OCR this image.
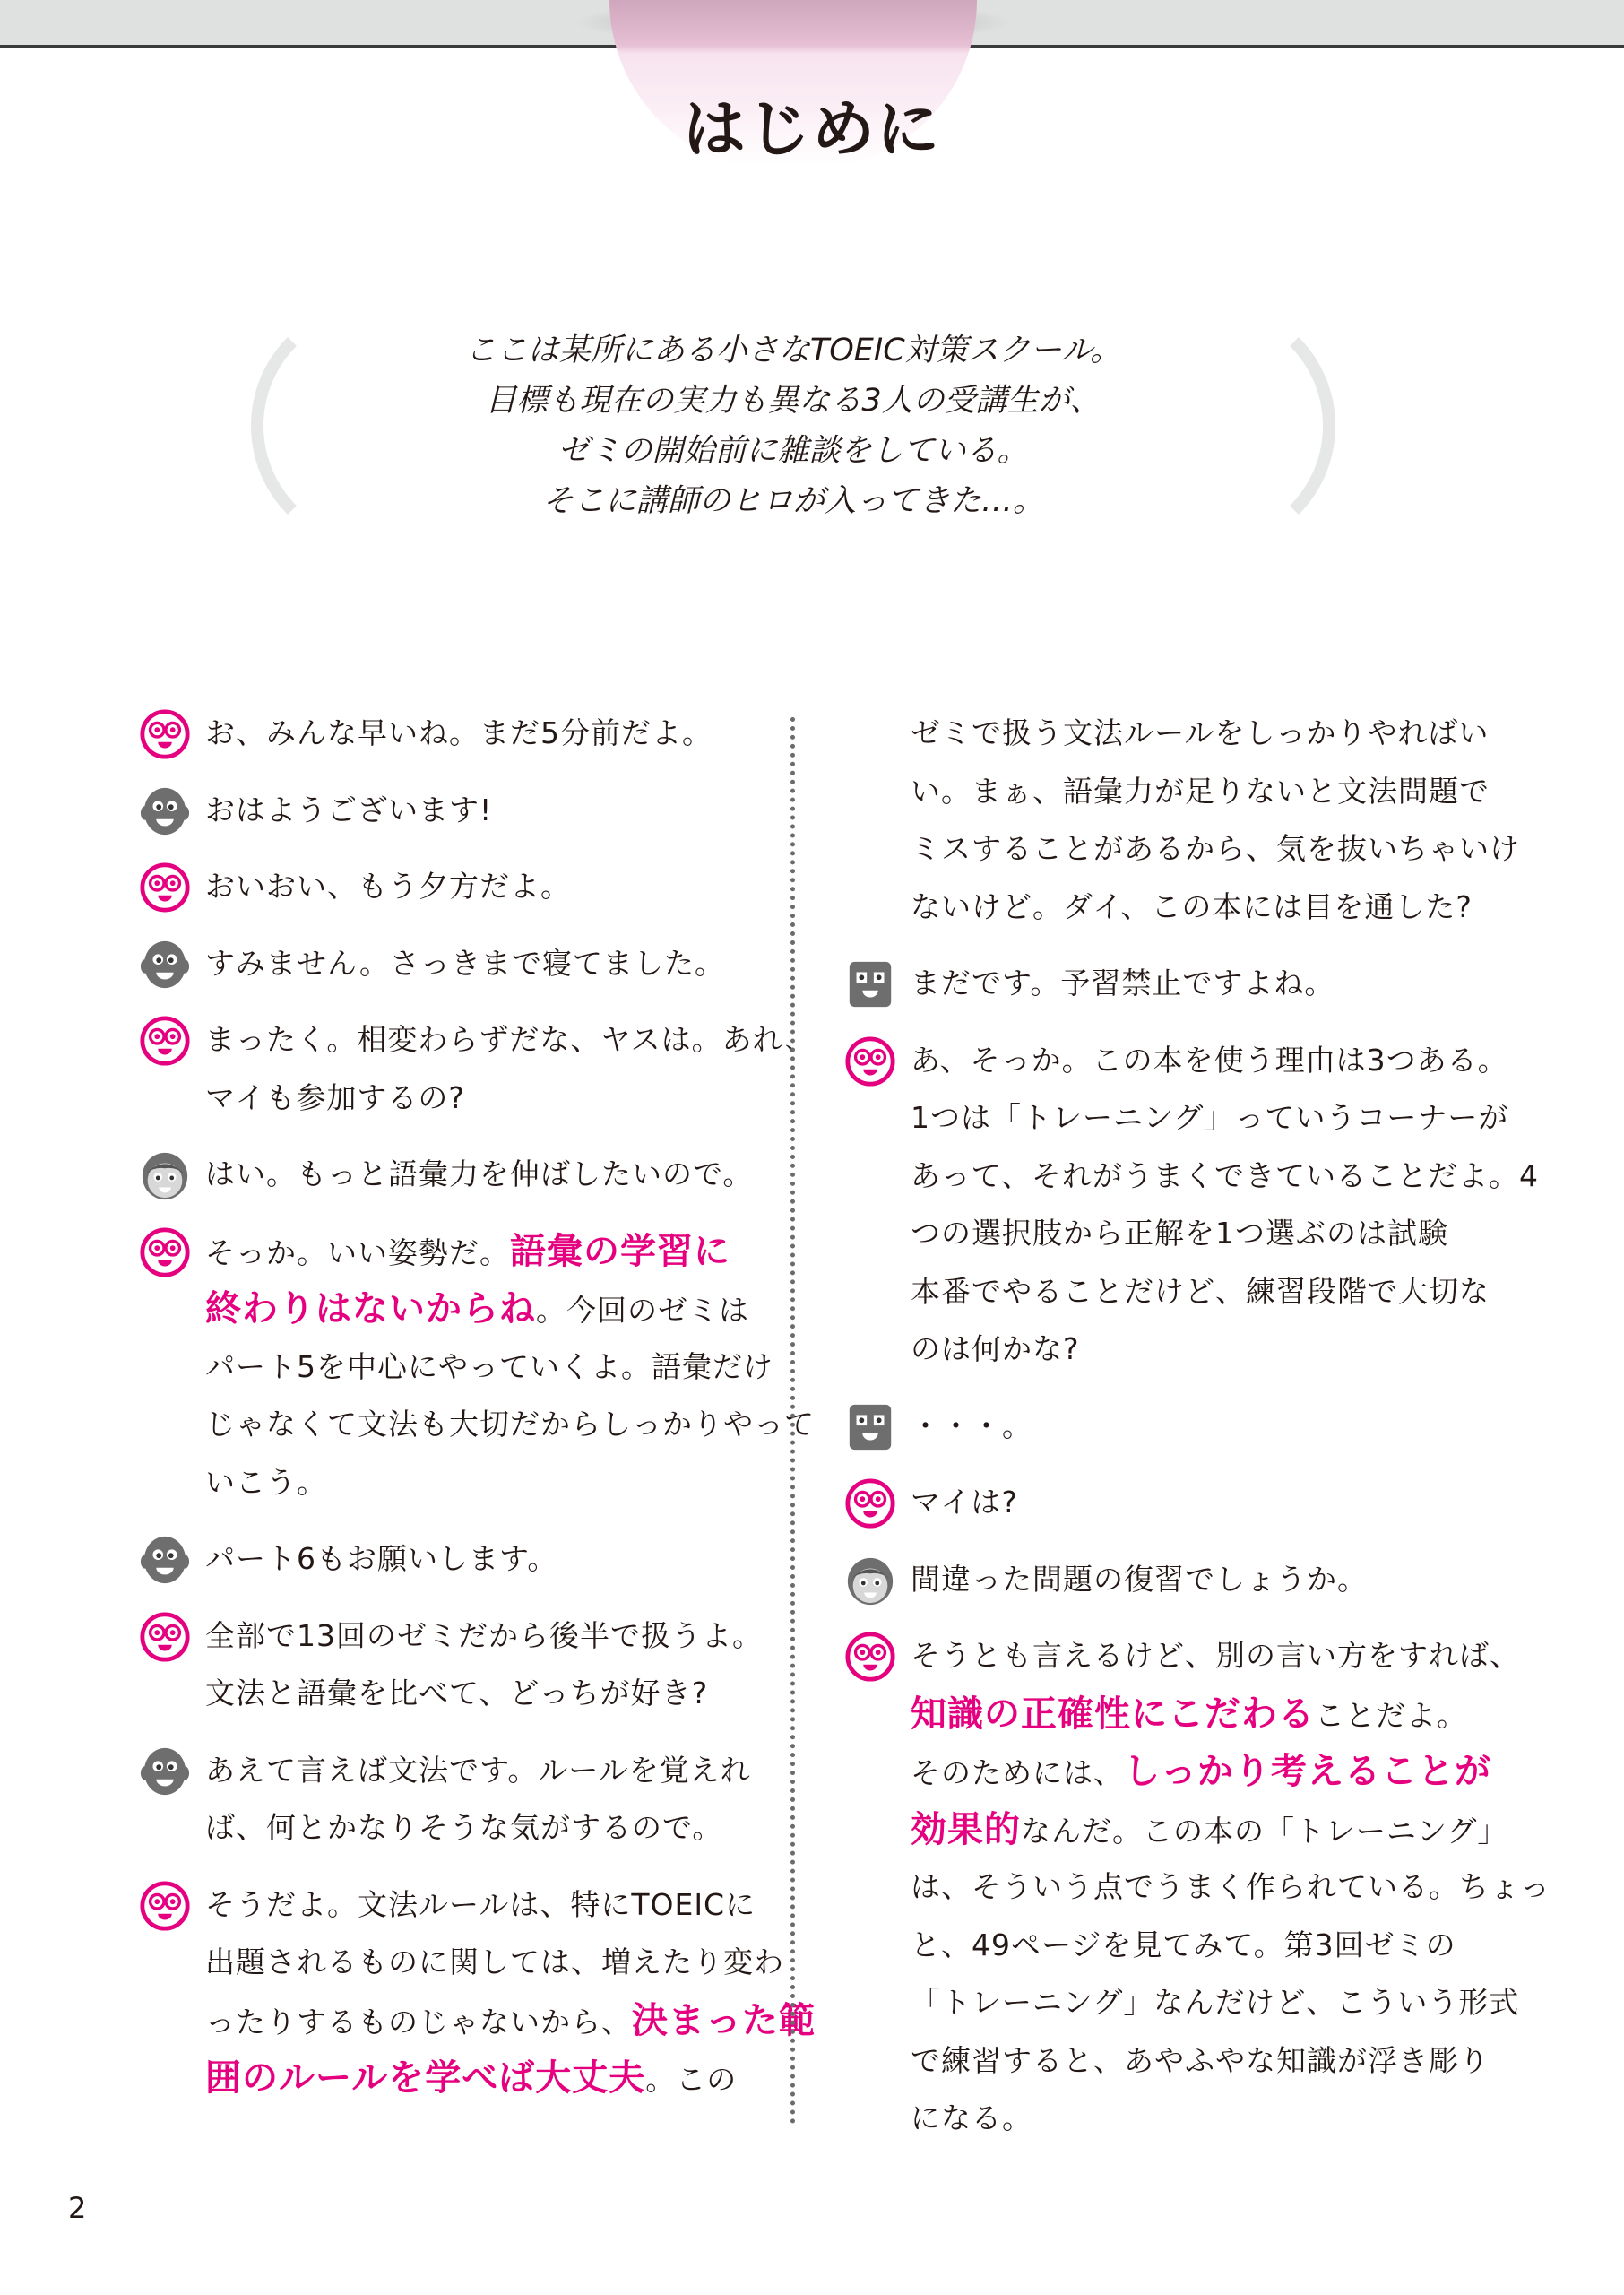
はじめに
ここは某所にある小さなTOEIC対策スクール。
目標も現在の実力も異なる3人の受講生が、
ゼミの開始前に雑談をしている。
そこに講師のヒロが入ってきた…。
お、みんな早いね。まだ5分前だよ。
おはようございます!
おいおい、もう夕方だよ。
すみません。さっきまで寝てました。
まったく。相変わらずだな、ヤスは。あれ、
マイも参加するの?
はい。もっと語彙力を伸ばしたいので。
そっか。いい姿勢だ。語彙の学習に
終わりはないからね。今回のゼミは
パート5を中心にやっていくよ。語彙だけ
じゃなくて文法も大切だからしっかりやって
いこう。
パート6もお願いします。
全部で13回のゼミだから後半で扱うよ。
文法と語彙を比べて、どっちが好き?
あえて言えば文法です。ルールを覚えれ
ば、何とかなりそうな気がするので。
そうだよ。文法ルールは、特にTOEICに
出題されるものに関しては、増えたり変わ
ったりするものじゃないから、決まった範
囲のルールを学べば大丈夫。この
ゼミで扱う文法ルールをしっかりやればい
い。まぁ、語彙力が足りないと文法問題で
ミスすることがあるから、気を抜いちゃいけ
ないけど。ダイ、この本には目を通した?
まだです。予習禁止ですよね。
あ、そっか。この本を使う理由は3つある。
1つは「トレーニング」っていうコーナーが
あって、それがうまくできていることだよ。4
つの選択肢から正解を1つ選ぶのは試験
本番でやることだけど、練習段階で大切な
のは何かな?
・・・。
マイは?
間違った問題の復習でしょうか。
そうとも言えるけど、別の言い方をすれば、
知識の正確性にこだわることだよ。
そのためには、しっかり考えることが
効果的なんだ。この本の「トレーニング」
は、そういう点でうまく作られている。ちょっ
と、49ページを見てみて。第3回ゼミの
「トレーニング」なんだけど、こういう形式
で練習すると、あやふやな知識が浮き彫り
になる。
2
